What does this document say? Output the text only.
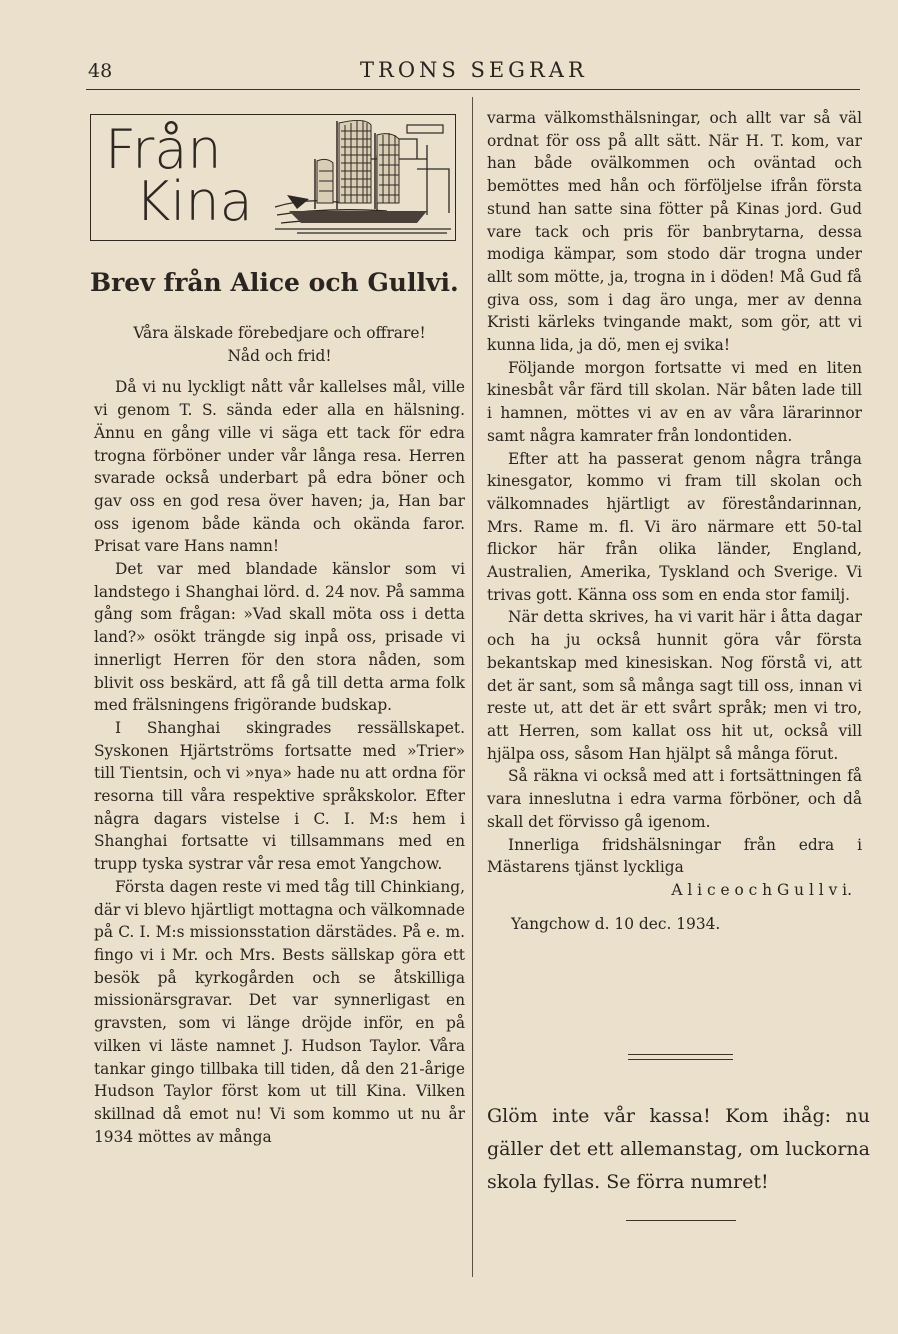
48	TRONS SEGRAR
Från
Kina
Brev från Alice och Gullvi.

Våra älskade förebedjare och offrare!

Nåd och frid!

Då vi nu lyckligt nått vår kallelses mål, ville vi genom T. S. sända eder alla en hälsning. Ännu en gång ville vi säga ett tack för edra trogna förböner under vår långa resa. Herren svarade också underbart på edra böner och gav oss en god resa över haven; ja, Han bar oss igenom både kända och okända faror. Prisat vare Hans namn!

Det var med blandade känslor som vi landstego i Shanghai lörd. d. 24 nov. På samma gång som frågan: »Vad skall möta oss i detta land?» osökt trängde sig inpå oss, prisade vi innerligt Herren för den stora nåden, som blivit oss beskärd, att få gå till detta arma folk med frälsningens frigörande budskap.

I Shanghai skingrades ressällskapet. Syskonen Hjärtströms fortsatte med »Trier» till Tientsin, och vi »nya» hade nu att ordna för resorna till våra respektive språkskolor. Efter några dagars vistelse i C. I. M:s hem i Shanghai fortsatte vi tillsammans med en trupp tyska systrar vår resa emot Yangchow.

Första dagen reste vi med tåg till Chinkiang, där vi blevo hjärtligt mottagna och välkomnade på C. I. M:s missionsstation därstädes. På e. m. fingo vi i Mr. och Mrs. Bests sällskap göra ett besök på kyrkogården och se åtskilliga missionärsgravar. Det var synnerligast en gravsten, som vi länge dröjde inför, en på vilken vi läste namnet J. Hudson Taylor. Våra tankar gingo tillbaka till tiden, då den 21-årige Hudson Taylor först kom ut till Kina. Vilken skillnad då emot nu! Vi som kommo ut nu år 1934 möttes av många

varma välkomsthälsningar, och allt var så väl ordnat för oss på allt sätt. När H. T. kom, var han både ovälkommen och oväntad och bemöttes med hån och förföljelse ifrån första stund han satte sina fötter på Kinas jord. Gud vare tack och pris för banbrytarna, dessa modiga kämpar, som stodo där trogna under allt som mötte, ja, trogna in i döden! Må Gud få giva oss, som i dag äro unga, mer av denna Kristi kärleks tvingande makt, som gör, att vi kunna lida, ja dö, men ej svika!

Följande morgon fortsatte vi med en liten kinesbåt vår färd till skolan. När båten lade till i hamnen, möttes vi av en av våra lärarinnor samt några kamrater från londontiden.

Efter att ha passerat genom några trånga kinesgator, kommo vi fram till skolan och välkomnades hjärtligt av föreståndarinnan, Mrs. Rame m. fl. Vi äro närmare ett 50-tal flickor här från olika länder, England, Australien, Amerika, Tyskland och Sverige. Vi trivas gott. Känna oss som en enda stor familj.

När detta skrives, ha vi varit här i åtta dagar och ha ju också hunnit göra vår första bekantskap med kinesiskan. Nog förstå vi, att det är sant, som så många sagt till oss, innan vi reste ut, att det är ett svårt språk; men vi tro, att Herren, som kallat oss hit ut, också vill hjälpa oss, såsom Han hjälpt så många förut.

Så räkna vi också med att i fortsättningen få vara inneslutna i edra varma förböner, och då skall det förvisso gå igenom.

Innerliga fridshälsningar från edra i Mästarens tjänst lyckliga

A l i c e o c h G u l l v i.

Yangchow d. 10 dec. 1934.

Glöm inte vår kassa! Kom ihåg: nu gäller det ett allemanstag, om luckorna skola fyllas. Se förra numret!
